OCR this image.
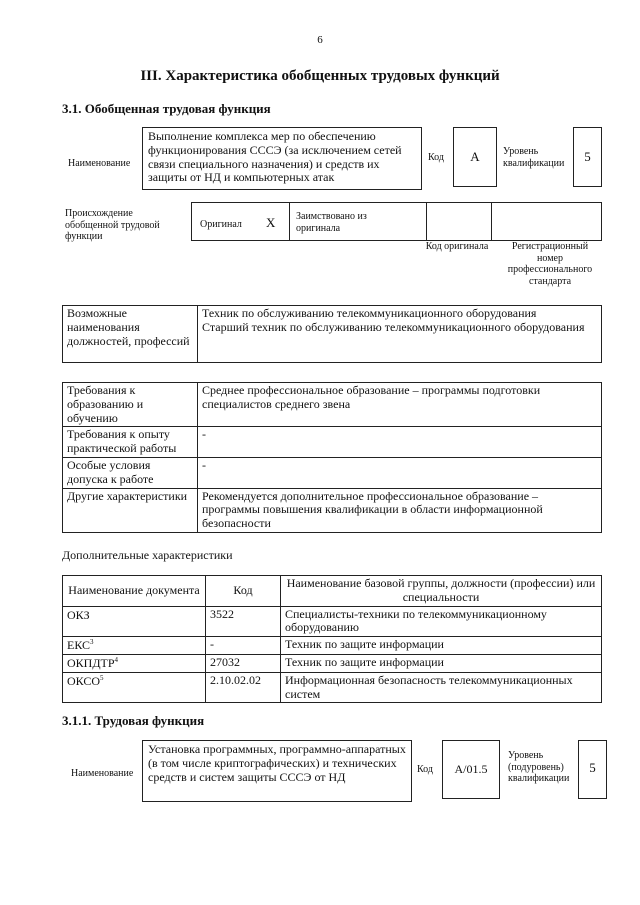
6
III. Характеристика обобщенных трудовых функций
3.1. Обобщенная трудовая функция
Наименование
Выполнение комплекса мер по обеспечению функционирования СССЭ (за исключением сетей связи специального назначения) и средств их защиты от НД и компьютерных атак
Код	А	Уровень квалификации	5
Происхождение обобщенной трудовой функции
Оригинал X Заимствовано из оригинала
Код оригинала	Регистрационный номер профессионального стандарта
Возможные наименования должностей, профессий	
Техник по обслуживанию телекоммуникационного оборудования
Старший техник по обслуживанию телекоммуникационного оборудования
Требования к образованию и обучению	Среднее профессиональное образование – программы подготовки специалистов среднего звена
Требования к опыту практической работы	-
Особые условия допуска к работе	-
Другие характеристики	Рекомендуется дополнительное профессиональное образование – программы повышения квалификации в области информационной безопасности
Дополнительные характеристики
Наименование документа	Код	Наименование базовой группы, должности (профессии) или специальности
ОКЗ	3522	Специалисты-техники по телекоммуникационному оборудованию
ЕКС$^3$	-	Техник по защите информации
ОКПДТР$^4$	27032	Техник по защите информации
ОКСО$^5$	2.10.02.02	Информационная безопасность телекоммуникационных систем
3.1.1. Трудовая функция
Наименование
Установка программных, программно-аппаратных (в том числе криптографических) и технических средств и систем защиты СССЭ от НД
Код	A/01.5
Уровень (подуровень) квалификации
5
